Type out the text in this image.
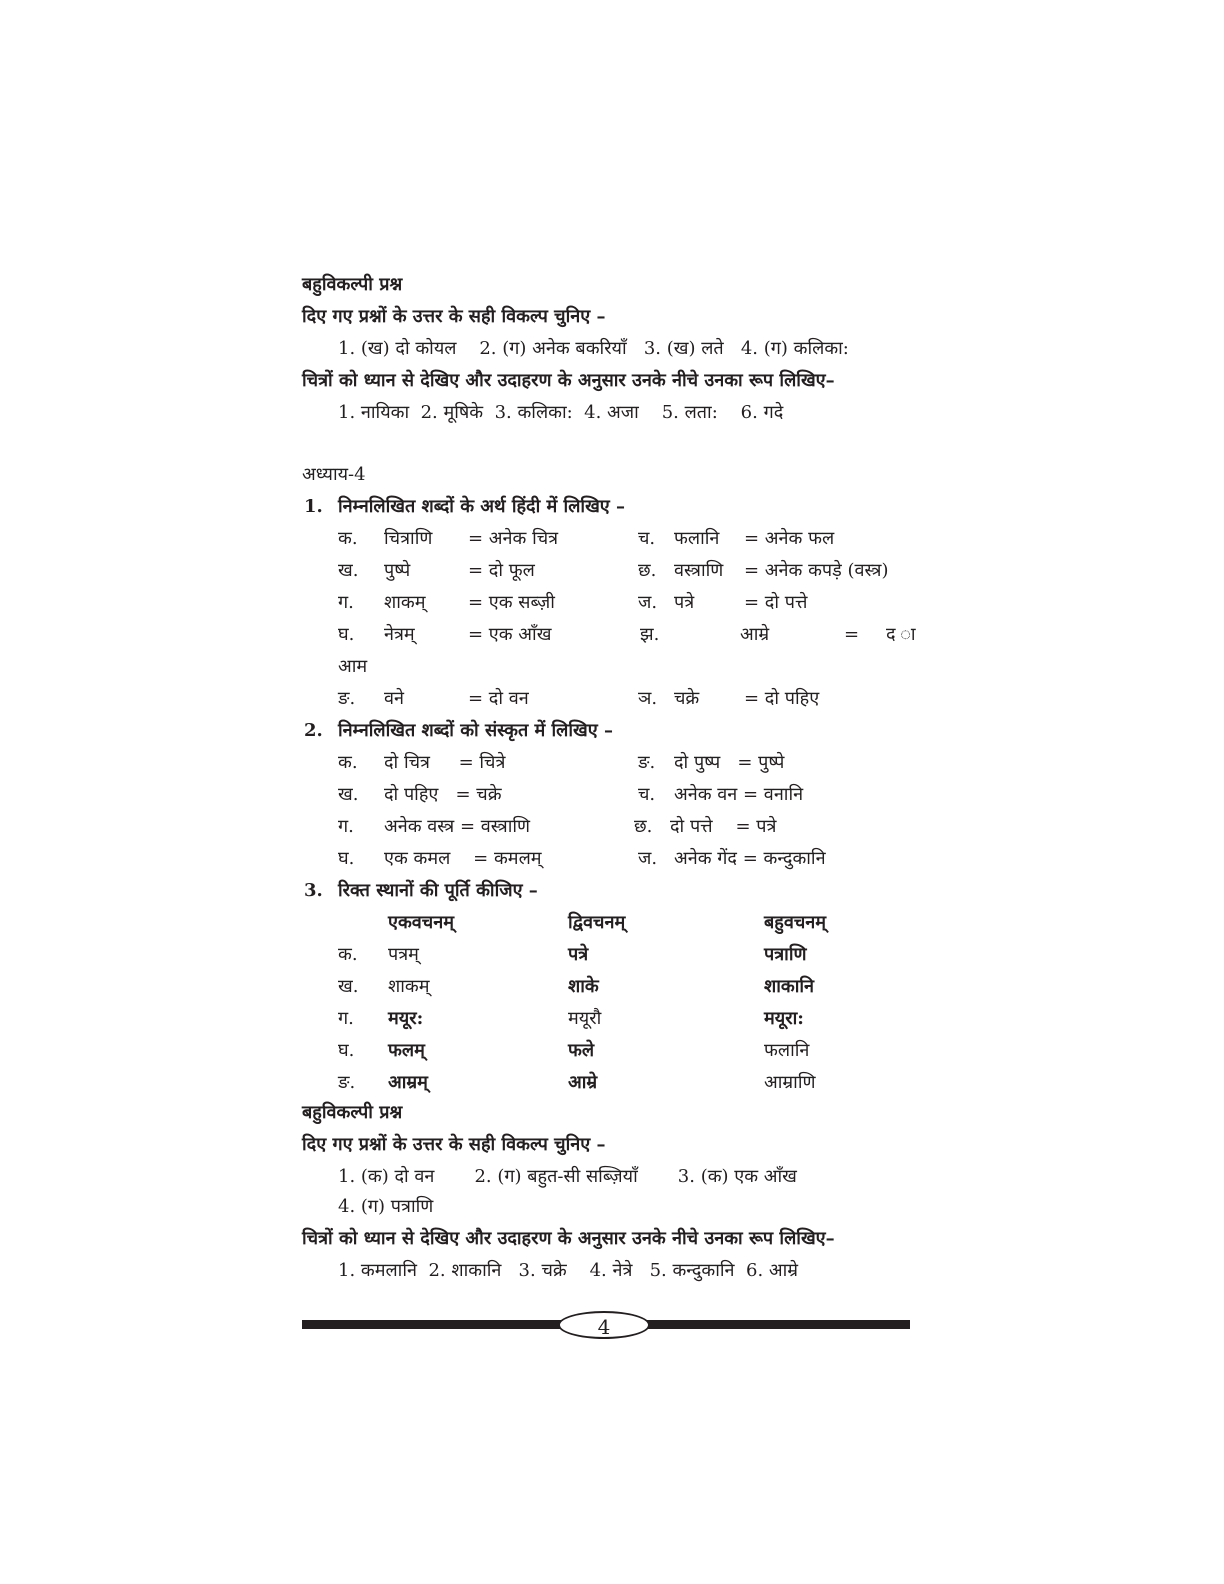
बहुविकल्पी प्रश्न
दिए गए प्रश्नों के उत्तर के सही विकल्प चुनिए –
1. (ख) दो कोयल    2. (ग) अनेक बकरियाँ   3. (ख) लते   4. (ग) कलिका:
चित्रों को ध्यान से देखिए और उदाहरण के अनुसार उनके नीचे उनका रूप लिखिए–
1. नायिका  2. मूषिके  3. कलिका:  4. अजा    5. लता:    6. गदे
अध्याय-4
1. निम्नलिखित शब्दों के अर्थ हिंदी में लिखिए –
क. चित्राणि = अनेक चित्र	च. फलानि = अनेक फल
ख. पुष्पे	= दो फूल	छ. वस्त्राणि = अनेक कपड़े (वस्त्र)
ग. शाकम् = एक सब्ज़ी	ज. पत्रे	= दो पत्ते
घ. नेत्रम्	= एक आँख	झ.	आम्रे	= द ा
आम
ङ. वने	= दो वन	ञ. चक्रे = दो पहिए
2. निम्नलिखित शब्दों को संस्कृत में लिखिए –
क. दो चित्र     = चित्रे	ङ. दो पुष्प   = पुष्पे
ख. दो पहिए   = चक्रे	च. अनेक वन = वनानि
ग. अनेक वस्त्र = वस्त्राणि	छ. दो पत्ते    = पत्रे
घ. एक कमल    = कमलम्	ज. अनेक गेंद = कन्दुकानि
3. रिक्त स्थानों की पूर्ति कीजिए –
एकवचनम्	द्विवचनम्	बहुवचनम्
क. पत्रम्	पत्रे	पत्राणि
ख. शाकम्	शाके	शाकानि
ग. मयूर:	मयूरौ	मयूरा:
घ. फलम्	फले	फलानि
ङ. आम्रम्	आम्रे	आम्राणि
बहुविकल्पी प्रश्न
दिए गए प्रश्नों के उत्तर के सही विकल्प चुनिए –
1. (क) दो वन       2. (ग) बहुत-सी सब्ज़ियाँ       3. (क) एक आँख
4. (ग) पत्राणि
चित्रों को ध्यान से देखिए और उदाहरण के अनुसार उनके नीचे उनका रूप लिखिए–
1. कमलानि  2. शाकानि   3. चक्रे    4. नेत्रे   5. कन्दुकानि  6. आम्रे
4
